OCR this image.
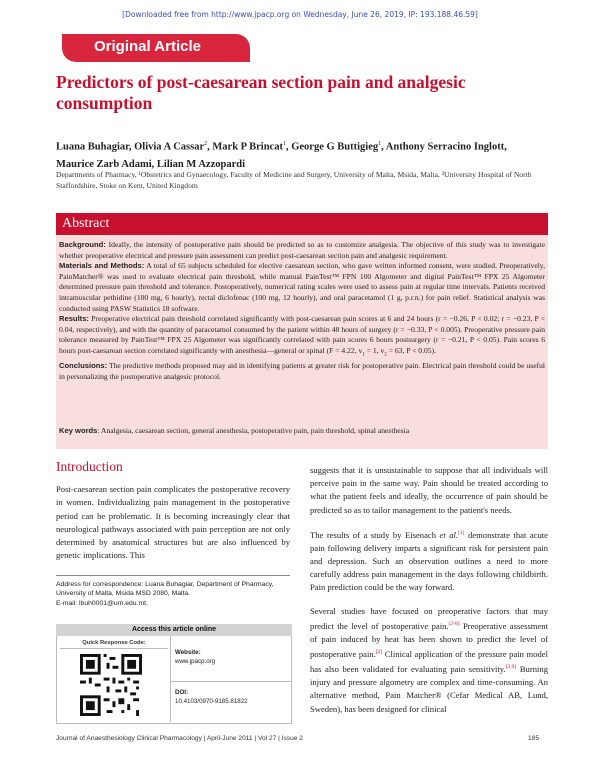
[Downloaded free from http://www.jpacp.org on Wednesday, June 26, 2019, IP: 193.188.46.59]
Original Article
Predictors of post-caesarean section pain and analgesic consumption
Luana Buhagiar, Olivia A Cassar$^2$, Mark P Brincat$^1$, George G Buttigieg$^1$, Anthony Serracino Inglott,
Maurice Zarb Adami, Lilian M Azzopardi
Departments of Pharmacy, ¹Obstetrics and Gynaecology, Faculty of Medicine and Surgery, University of Malta, Msida, Malta, ²University Hospital of North Staffordshire, Stoke on Kent, United Kingdom
Abstract

Background: Ideally, the intensity of postoperative pain should be predicted so as to customize analgesia. The objective of this study was to investigate whether preoperative electrical and pressure pain assessment can predict post-caesarean section pain and analgesic requirement.

Materials and Methods: A total of 65 subjects scheduled for elective caesarean section, who gave written informed consent, were studied. Preoperatively, PainMatcher® was used to evaluate electrical pain threshold, while manual PainTest™ FPN 100 Algometer and digital PainTest™ FPX 25 Algometer determined pressure pain threshold and tolerance. Postoperatively, numerical rating scales were used to assess pain at regular time intervals. Patients received intramuscular pethidine (100 mg, 6 hourly), rectal diclofenac (100 mg, 12 hourly), and oral paracetamol (1 g, p.r.n.) for pain relief. Statistical analysis was conducted using PASW Statistics 18 software.

Results: Preoperative electrical pain threshold correlated significantly with post-caesarean pain scores at 6 and 24 hours (r = −0.26, P < 0.02; r = −0.23, P < 0.04, respectively), and with the quantity of paracetamol consumed by the patient within 48 hours of surgery (r = −0.33, P < 0.005). Preoperative pressure pain tolerance measured by PainTest™ FPX 25 Algometer was significantly correlated with pain scores 6 hours postsurgery (r = −0.21, P < 0.05). Pain scores 6 hours post-caesarean section correlated significantly with anesthesia—general or spinal (F = 4.22, $v_1 = 1$, $v_2 = 63$, P < 0.05).

Conclusions: The predictive methods proposed may aid in identifying patients at greater risk for postoperative pain. Electrical pain threshold could be useful in personalizing the postoperative analgesic protocol.

Key words: Analgesia, caesarean section, general anesthesia, postoperative pain, pain threshold, spinal anesthesia
Introduction

Post-caesarean section pain complicates the postoperative recovery in women. Individualizing pain management in the postoperative period can be problematic. It is becoming increasingly clear that neurological pathways associated with pain perception are not only determined by anatomical structures but are also influenced by genetic implications. This

suggests that it is unsustainable to suppose that all individuals will perceive pain in the same way. Pain should be treated according to what the patient feels and ideally, the occurrence of pain should be predicted so as to tailor management to the patient's needs.

The results of a study by Eisenach et al.[1] demonstrate that acute pain following delivery imparts a significant risk for persistent pain and depression. Such an observation outlines a need to more carefully address pain management in the days following childbirth. Pain prediction could be the way forward.

Several studies have focused on preoperative factors that may predict the level of postoperative pain.[2-8] Preoperative assessment of pain induced by heat has been shown to predict the level of postoperative pain.[2] Clinical application of the pressure pain model has also been validated for evaluating pain sensitivity.[3,9] Burning injury and pressure algometry are complex and time-consuming. An alternative method, Pain Matcher® (Cefar Medical AB, Lund, Sweden), has been designed for clinical

Address for correspondence: Luana Buhagiar, Department of Pharmacy, University of Malta, Msida MSD 2080, Malta.
E-mail: lbuh0001@um.edu.mt.
Access this article online
Quick Response Code:
Website:
www.jpacp.org
DOI:
10.4103/0970-9185.81822
Journal of Anaesthesiology Clinical Pharmacology | April-June 2011 | Vol 27 | Issue 2	185
